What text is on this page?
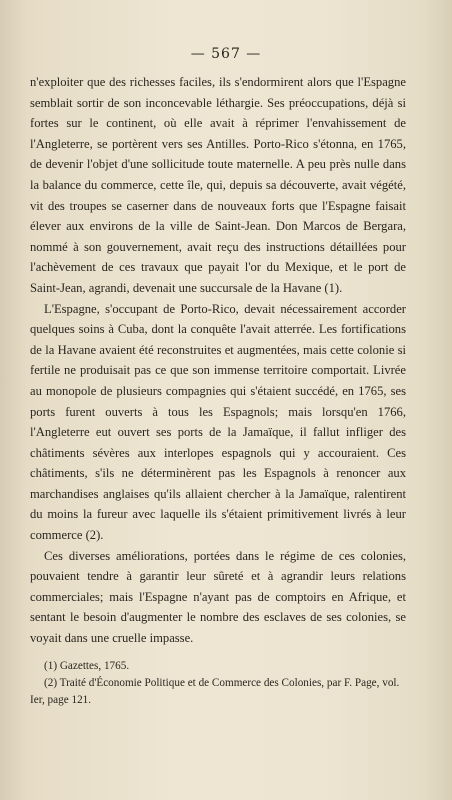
— 567 —

n'exploiter que des richesses faciles, ils s'endormirent alors que l'Espagne semblait sortir de son inconcevable léthargie. Ses préoccupations, déjà si fortes sur le continent, où elle avait à réprimer l'envahissement de l'Angleterre, se portèrent vers ses Antilles. Porto-Rico s'étonna, en 1765, de devenir l'objet d'une sollicitude toute maternelle. A peu près nulle dans la balance du commerce, cette île, qui, depuis sa découverte, avait végété, vit des troupes se caserner dans de nouveaux forts que l'Espagne faisait élever aux environs de la ville de Saint-Jean. Don Marcos de Bergara, nommé à son gouvernement, avait reçu des instructions détaillées pour l'achèvement de ces travaux que payait l'or du Mexique, et le port de Saint-Jean, agrandi, devenait une succursale de la Havane (1).

L'Espagne, s'occupant de Porto-Rico, devait nécessairement accorder quelques soins à Cuba, dont la conquête l'avait atterrée. Les fortifications de la Havane avaient été reconstruites et augmentées, mais cette colonie si fertile ne produisait pas ce que son immense territoire comportait. Livrée au monopole de plusieurs compagnies qui s'étaient succédé, en 1765, ses ports furent ouverts à tous les Espagnols; mais lorsqu'en 1766, l'Angleterre eut ouvert ses ports de la Jamaïque, il fallut infliger des châtiments sévères aux interlopes espagnols qui y accouraient. Ces châtiments, s'ils ne déterminèrent pas les Espagnols à renoncer aux marchandises anglaises qu'ils allaient chercher à la Jamaïque, ralentirent du moins la fureur avec laquelle ils s'étaient primitivement livrés à leur commerce (2).

Ces diverses améliorations, portées dans le régime de ces colonies, pouvaient tendre à garantir leur sûreté et à agrandir leurs relations commerciales; mais l'Espagne n'ayant pas de comptoirs en Afrique, et sentant le besoin d'augmenter le nombre des esclaves de ses colonies, se voyait dans une cruelle impasse.

(1) Gazettes, 1765.

(2) Traité d'Économie Politique et de Commerce des Colonies, par F. Page, vol. Ier, page 121.
